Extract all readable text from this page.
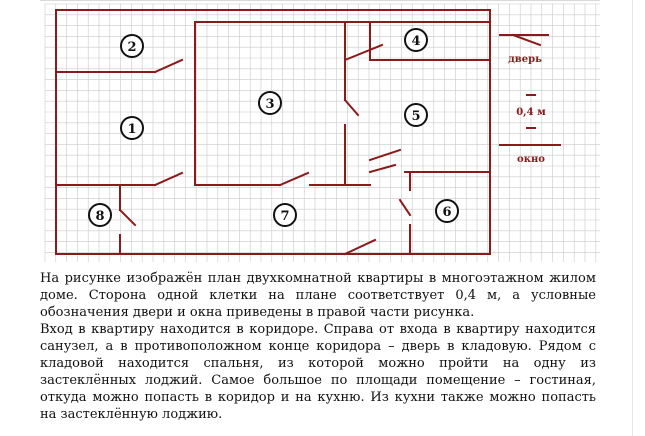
1
2
3
4
5
6
7
8
дверь
0,4 м
окно

На рисунке изображён план двухкомнатной квартиры в многоэтажном жилом доме. Сторона одной клетки на плане соответствует 0,4 м, а условные обозначения двери и окна приведены в правой части рисунка.

Вход в квартиру находится в коридоре. Справа от входа в квартиру находится санузел, а в противоположном конце коридора – дверь в кладовую. Рядом с кладовой находится спальня, из которой можно пройти на одну из застеклённых лоджий. Самое большое по площади помещение – гостиная, откуда можно попасть в коридор и на кухню. Из кухни также можно попасть на застеклённую лоджию.
